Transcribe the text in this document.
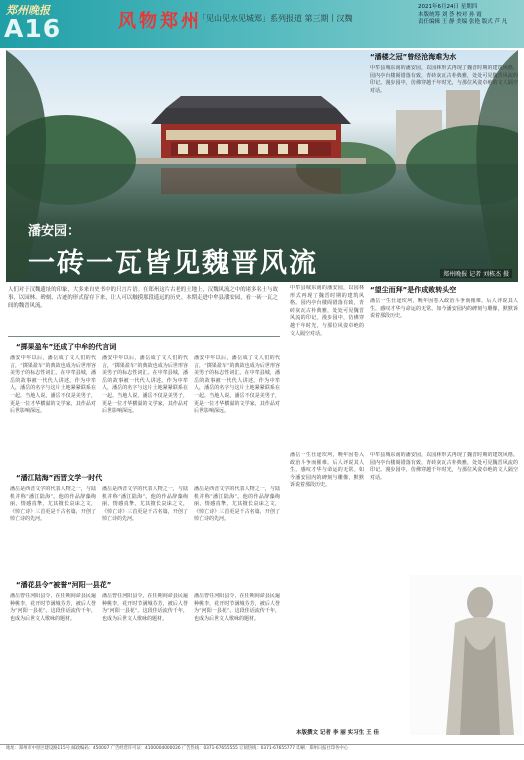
郑州晚报
A16	风物郑州
「见山见水见城郑」系列报道 第三期丨汉魏
2021年6月24日 星期四
本版统筹 刘 荟 校对 孙 霞
责任编辑 王 静 美编 张艳 版式 芦 凡
潘安园：
一砖一瓦皆见魏晋风流	郑州晚报 记者 刘栋杰 摄
人们对于汉魏遗址的印象，大多来自史书中的只言片语。在郑州这片古老的土地上，汉魏风流之中的诸多名士与故事，以园林、碑刻、古迹的形式留存下来，让人可以触摸那段遥远的历史。本期走进中牟县潘安园，看一砖一瓦之间的魏晋风流。
“掷果盈车”还成了中牟的代言词
潘安中年以后，潘岳成了文人们的代言，“掷果盈车”的典故也成为后世形容美男子的标志性词汇。在中牟县城，潘岳的故事被一代代人讲述。作为中牟人，潘岳的名字与这片土地紧紧联系在一起。当地人说，潘岳不仅是美男子，更是一位才华横溢的文学家，其作品对后世影响深远。
潘安中年以后，潘岳成了文人们的代言，“掷果盈车”的典故也成为后世形容美男子的标志性词汇。在中牟县城，潘岳的故事被一代代人讲述。作为中牟人，潘岳的名字与这片土地紧紧联系在一起。当地人说，潘岳不仅是美男子，更是一位才华横溢的文学家，其作品对后世影响深远。
潘安中年以后，潘岳成了文人们的代言，“掷果盈车”的典故也成为后世形容美男子的标志性词汇。在中牟县城，潘岳的故事被一代代人讲述。作为中牟人，潘岳的名字与这片土地紧紧联系在一起。当地人说，潘岳不仅是美男子，更是一位才华横溢的文学家，其作品对后世影响深远。
“潘江陆海”西晋文学一时代
潘岳是西晋文学的代表人物之一，与陆机并称“潘江陆海”。他的作品辞藻绚丽，情感真挚，尤其擅长哀诔之文，《悼亡诗》三首更是千古名篇，开创了悼亡诗的先河。
潘岳是西晋文学的代表人物之一，与陆机并称“潘江陆海”。他的作品辞藻绚丽，情感真挚，尤其擅长哀诔之文，《悼亡诗》三首更是千古名篇，开创了悼亡诗的先河。
潘岳是西晋文学的代表人物之一，与陆机并称“潘江陆海”。他的作品辞藻绚丽，情感真挚，尤其擅长哀诔之文，《悼亡诗》三首更是千古名篇，开创了悼亡诗的先河。
“潘花县令”被誉“河阳一县花”
潘岳曾任河阳县令，在任期间命县民遍种桃李，花开时节满城芬芳，被后人誉为“河阳一县花”。这段佳话流传千年，也成为后世文人歌咏的题材。
潘岳曾任河阳县令，在任期间命县民遍种桃李，花开时节满城芬芳，被后人誉为“河阳一县花”。这段佳话流传千年，也成为后世文人歌咏的题材。
潘岳曾任河阳县令，在任期间命县民遍种桃李，花开时节满城芬芳，被后人誉为“河阳一县花”。这段佳话流传千年，也成为后世文人歌咏的题材。
“潘楼之冠”曾经沧海难为水
中牟县城东南的潘安园，以园林形式再现了魏晋时期的建筑风格。园内亭台楼阁错落有致，青砖灰瓦古朴典雅，处处可见魏晋风流的印记。漫步园中，仿佛穿越千年时光，与那位风姿卓绝的文人隔空对话。
中牟县城东南的潘安园，以园林形式再现了魏晋时期的建筑风格。园内亭台楼阁错落有致，青砖灰瓦古朴典雅，处处可见魏晋风流的印记。漫步园中，仿佛穿越千年时光，与那位风姿卓绝的文人隔空对话。
“望尘而拜”是作成败转头空
潘岳一生仕途坎坷，晚年因卷入政治斗争而罹难。后人评说其人生，感叹才华与命运的无常。如今潘安园内的碑刻与雕像，默默诉说着那段历史。
潘岳一生仕途坎坷，晚年因卷入政治斗争而罹难。后人评说其人生，感叹才华与命运的无常。如今潘安园内的碑刻与雕像，默默诉说着那段历史。
中牟县城东南的潘安园，以园林形式再现了魏晋时期的建筑风格。园内亭台楼阁错落有致，青砖灰瓦古朴典雅，处处可见魏晋风流的印记。漫步园中，仿佛穿越千年时光，与那位风姿卓绝的文人隔空对话。
本版撰文 记者 李 丽 实习生 王 佳
地址：郑州市中原区建设路115号 邮政编码：450007 广告经营许可证：4100004000026 广告热线：0371-67655555 订阅热线：0371-67655777 印刷：郑州日报社印务中心
